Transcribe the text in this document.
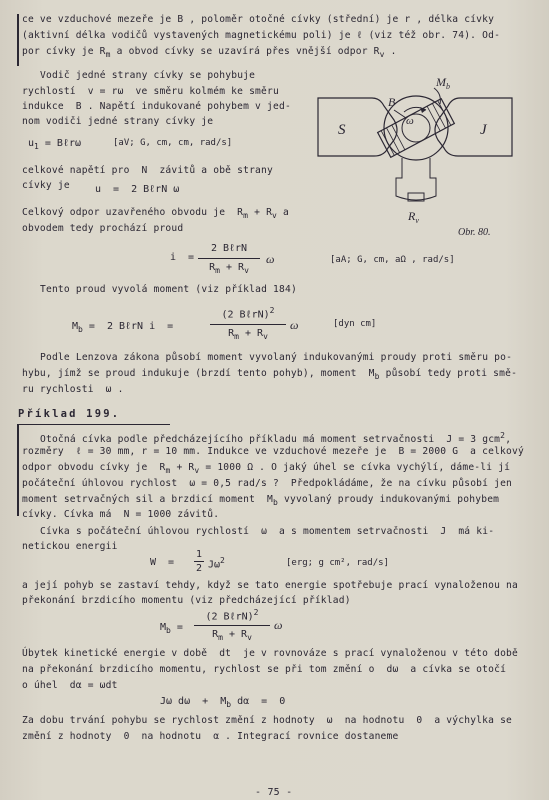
ce ve vzduchové mezeře je B , poloměr otočné cívky (střední) je r , délka cívky
(aktivní délka vodičů vystavených magnetickému poli) je ℓ (viz též obr. 74). Od-
por cívky je $R_m$ a obvod cívky se uzavírá přes vnější odpor $R_v$ .
Vodič jedné strany cívky se pohybuje
rychlostí  v = rω  ve směru kolmém ke směru
indukce  B . Napětí indukované pohybem v jed-
nom vodiči jedné strany cívky je
$u_1$ = Bℓrω	[aV; G, cm, cm, rad/s]
celkové napětí pro  N  závitů a obě strany
cívky je	u  =  2 BℓrN ω
Celkový odpor uzavřeného obvodu je  $R_m + R_v$ a
obvodem tedy prochází proud
i  =
2 BℓrN
$R_m + R_v$
ω	[aA; G, cm, aΩ , rad/s]
Tento proud vyvolá moment (viz příklad 184)
$M_b = 2$ BℓrN i  =
(2 BℓrN)$^2$
$R_m + R_v$
ω	[dyn cm]
Podle Lenzova zákona působí moment vyvolaný indukovanými proudy proti směru po-
hybu, jímž se proud indukuje (brzdí tento pohyb), moment  $M_b$ působí tedy proti smě-
ru rychlosti  ω .
Příklad 199.
Otočná cívka podle předcházejícího příkladu má moment setrvačnosti  J = 3 gcm$^2$,
rozměry  ℓ = 30 mm, r = 10 mm. Indukce ve vzduchové mezeře je  B = 2000 G  a celkový
odpor obvodu cívky je  $R_m + R_v = 1000$ Ω . O jaký úhel se cívka vychýlí, dáme-li jí
počáteční úhlovou rychlost  ω = 0,5 rad/s ?  Předpokládáme, že na cívku působí jen
moment setrvačných sil a brzdicí moment  $M_b$ vyvolaný proudy indukovanými pohybem
cívky. Cívka má  N = 1000 závitů.
Cívka s počáteční úhlovou rychlostí  ω  a s momentem setrvačnosti  J  má ki-
netickou energii
W  =
1
2 $J\omega^2$	[erg; g cm², rad/s]
a její pohyb se zastaví tehdy, když se tato energie spotřebuje prací vynaloženou na
překonání brzdicího momentu (viz předcházející příklad)
$M_b$ =
(2 BℓrN)$^2$
$R_m + R_v$
ω
Úbytek kinetické energie v době  dt  je v rovnováze s prací vynaloženou v této době
na překonání brzdicího momentu, rychlost se při tom změní o  dω  a cívka se otočí
o úhel  dα = ωdt
Jω $d\omega + M_b$ dα  =  0
Za dobu trvání pohybu se rychlost změní z hodnoty  ω  na hodnotu  0  a výchylka se
změní z hodnoty  0  na hodnotu  α . Integrací rovnice dostaneme
- 75 -
S	J
B
ω
$M_b$
$R_v$
Obr. 80.
